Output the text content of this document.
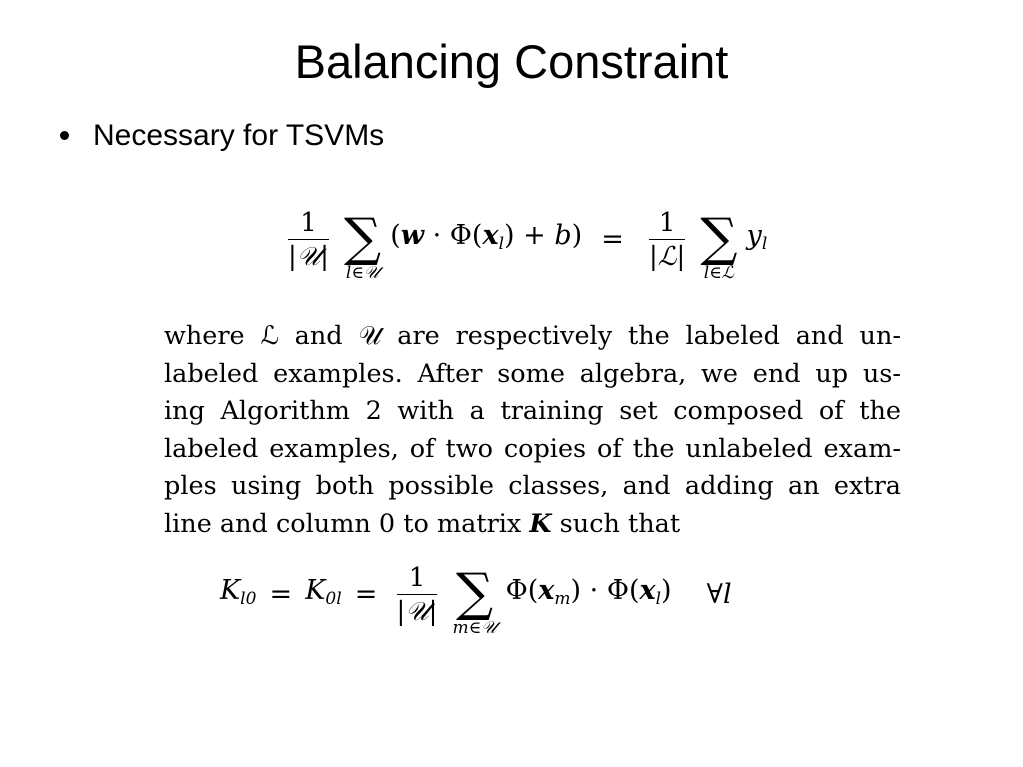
Balancing Constraint
Necessary for TSVMs
$\frac{1}{\text{|𝒰|}}$
∑
l∈𝒰
$(w \cdot \Phi(x_l) + b) = \frac{1}{\text{|ℒ|}}$
∑
l∈ℒ
$y_l$
where ℒ and 𝒰 are respectively the labeled and un-
labeled examples. After some algebra, we end up us-
ing Algorithm 2 with a training set composed of the
labeled examples, of two copies of the unlabeled exam-
ples using both possible classes, and adding an extra
line and column 0 to matrix K such that
$K_{l0} = K_{0l} = \frac{1}{\text{|𝒰|}}$
∑
m∈𝒰
$\Phi(x_m) \cdot \Phi(x_l)$ ∀l
